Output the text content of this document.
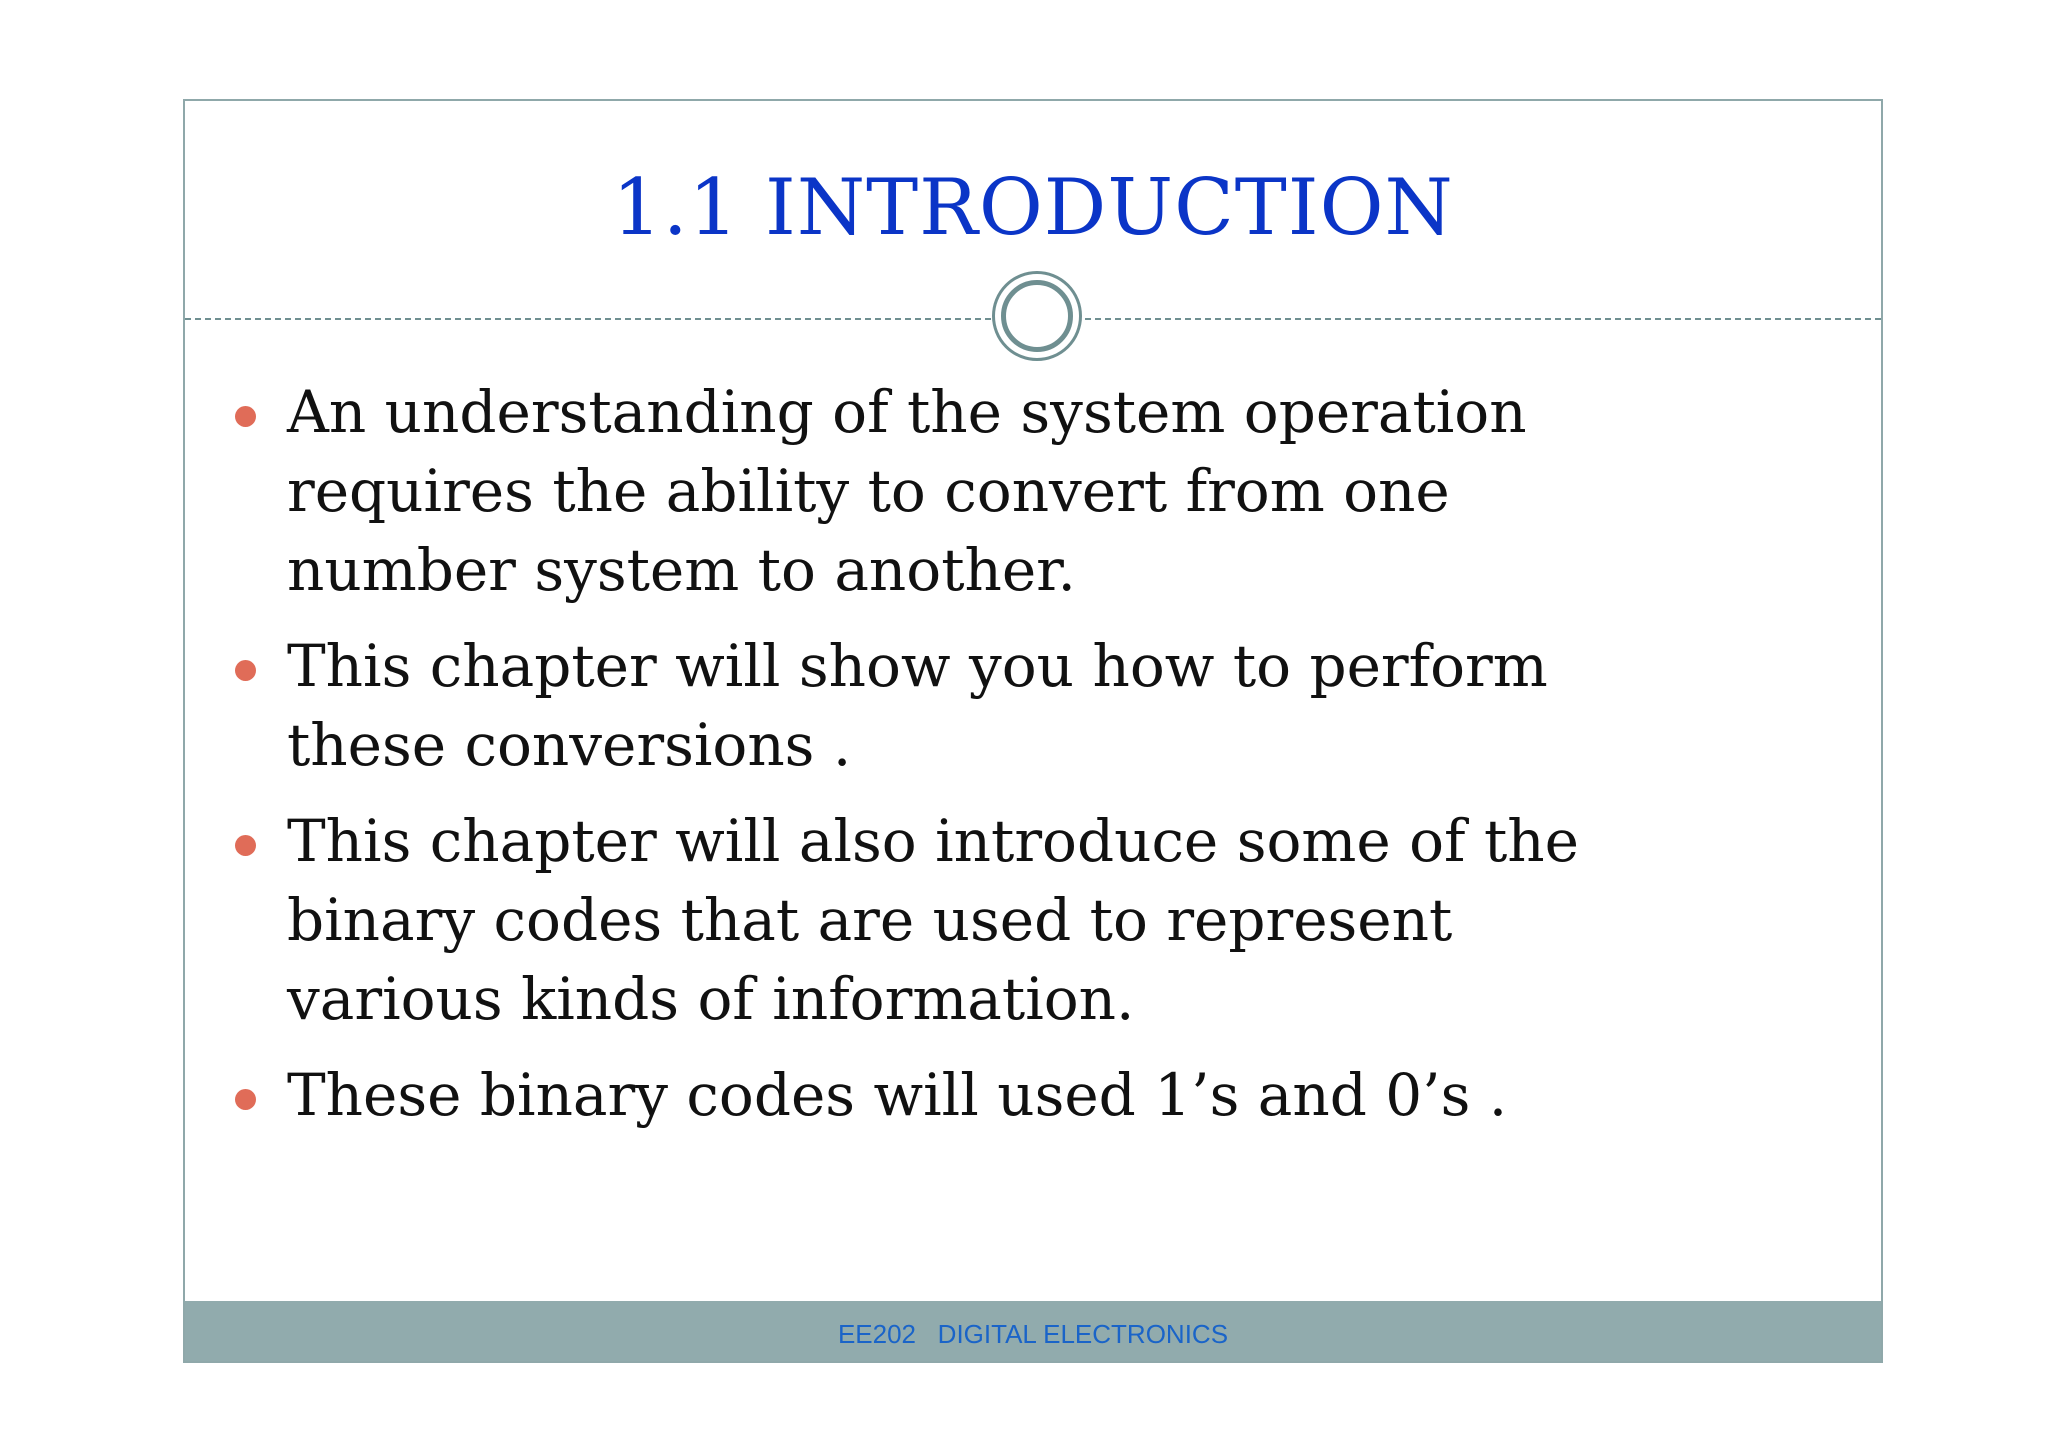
1.1 INTRODUCTION
An understanding of the system operation requires the ability to convert from one number system to another.
This chapter will show you how to perform these conversions .
This chapter will also introduce some of the binary codes that are used to represent various kinds of information.
These binary codes will used 1’s and 0’s .
EE202   DIGITAL ELECTRONICS
